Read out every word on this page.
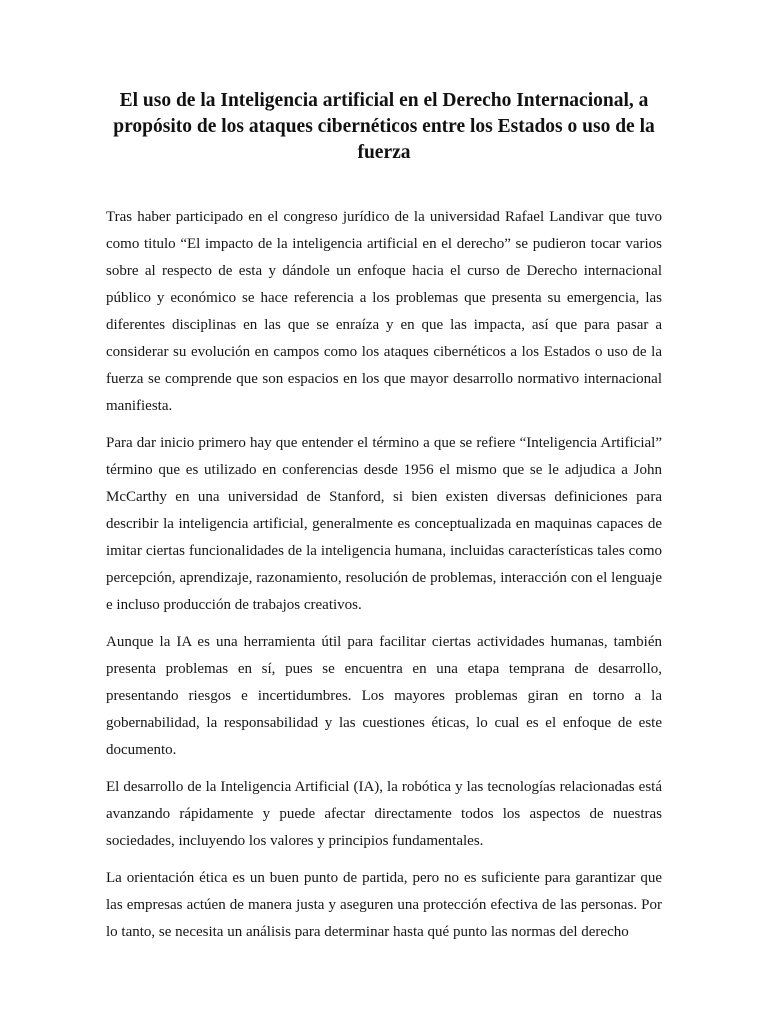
El uso de la Inteligencia artificial en el Derecho Internacional, a propósito de los ataques cibernéticos entre los Estados o uso de la fuerza

Tras haber participado en el congreso jurídico de la universidad Rafael Landivar que tuvo como titulo “El impacto de la inteligencia artificial en el derecho” se pudieron tocar varios sobre al respecto de esta y dándole un enfoque hacia el curso de Derecho internacional público y económico se hace referencia a los problemas que presenta su emergencia, las diferentes disciplinas en las que se enraíza y en que las impacta, así que para pasar a considerar su evolución en campos como los ataques cibernéticos a los Estados o uso de la fuerza se comprende que son espacios en los que mayor desarrollo normativo internacional manifiesta.

Para dar inicio primero hay que entender el término a que se refiere “Inteligencia Artificial” término que es utilizado en conferencias desde 1956 el mismo que se le adjudica a John McCarthy en una universidad de Stanford, si bien existen diversas definiciones para describir la inteligencia artificial, generalmente es conceptualizada en maquinas capaces de imitar ciertas funcionalidades de la inteligencia humana, incluidas características tales como percepción, aprendizaje, razonamiento, resolución de problemas, interacción con el lenguaje e incluso producción de trabajos creativos.

Aunque la IA es una herramienta útil para facilitar ciertas actividades humanas, también presenta problemas en sí, pues se encuentra en una etapa temprana de desarrollo, presentando riesgos e incertidumbres. Los mayores problemas giran en torno a la gobernabilidad, la responsabilidad y las cuestiones éticas, lo cual es el enfoque de este documento.

El desarrollo de la Inteligencia Artificial (IA), la robótica y las tecnologías relacionadas está avanzando rápidamente y puede afectar directamente todos los aspectos de nuestras sociedades, incluyendo los valores y principios fundamentales.

La orientación ética es un buen punto de partida, pero no es suficiente para garantizar que las empresas actúen de manera justa y aseguren una protección efectiva de las personas. Por lo tanto, se necesita un análisis para determinar hasta qué punto las normas del derecho
